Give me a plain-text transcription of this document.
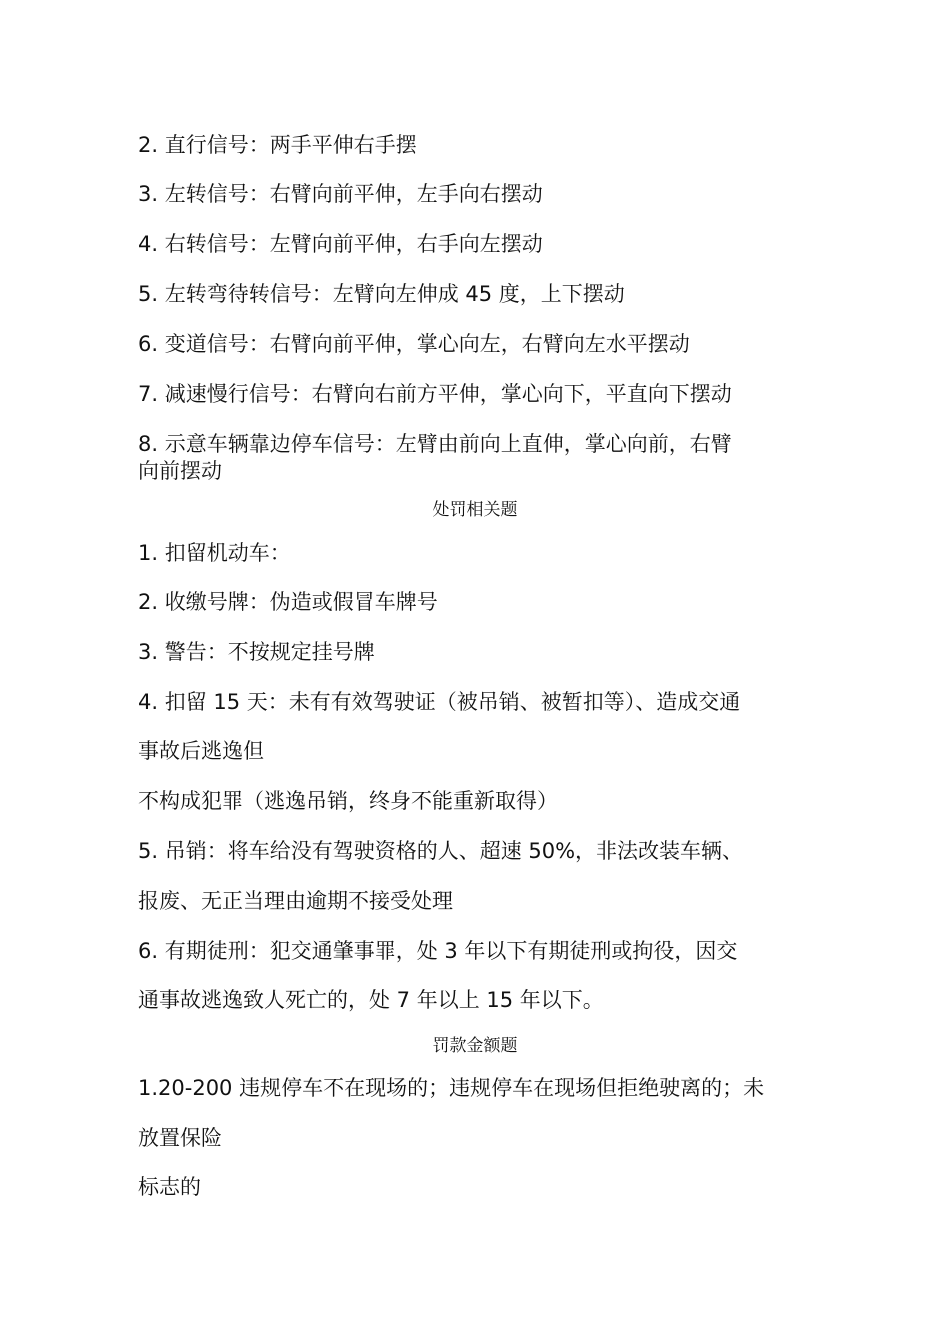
2. 直行信号：两手平伸右手摆
3. 左转信号：右臂向前平伸，左手向右摆动
4. 右转信号：左臂向前平伸，右手向左摆动
5. 左转弯待转信号：左臂向左伸成 45 度，上下摆动
6. 变道信号：右臂向前平伸，掌心向左，右臂向左水平摆动
7. 减速慢行信号：右臂向右前方平伸，掌心向下，平直向下摆动
8. 示意车辆靠边停车信号：左臂由前向上直伸，掌心向前，右臂
向前摆动
处罚相关题
1. 扣留机动车：
2. 收缴号牌：伪造或假冒车牌号
3. 警告：不按规定挂号牌
4. 扣留 15 天：未有有效驾驶证（被吊销、被暂扣等）、造成交通
事故后逃逸但
不构成犯罪（逃逸吊销，终身不能重新取得）
5. 吊销：将车给没有驾驶资格的人、超速 50%，非法改装车辆、
报废、无正当理由逾期不接受处理
6. 有期徒刑：犯交通肇事罪，处 3 年以下有期徒刑或拘役，因交
通事故逃逸致人死亡的，处 7 年以上 15 年以下。
罚款金额题
1.20-200 违规停车不在现场的；违规停车在现场但拒绝驶离的；未
放置保险
标志的
